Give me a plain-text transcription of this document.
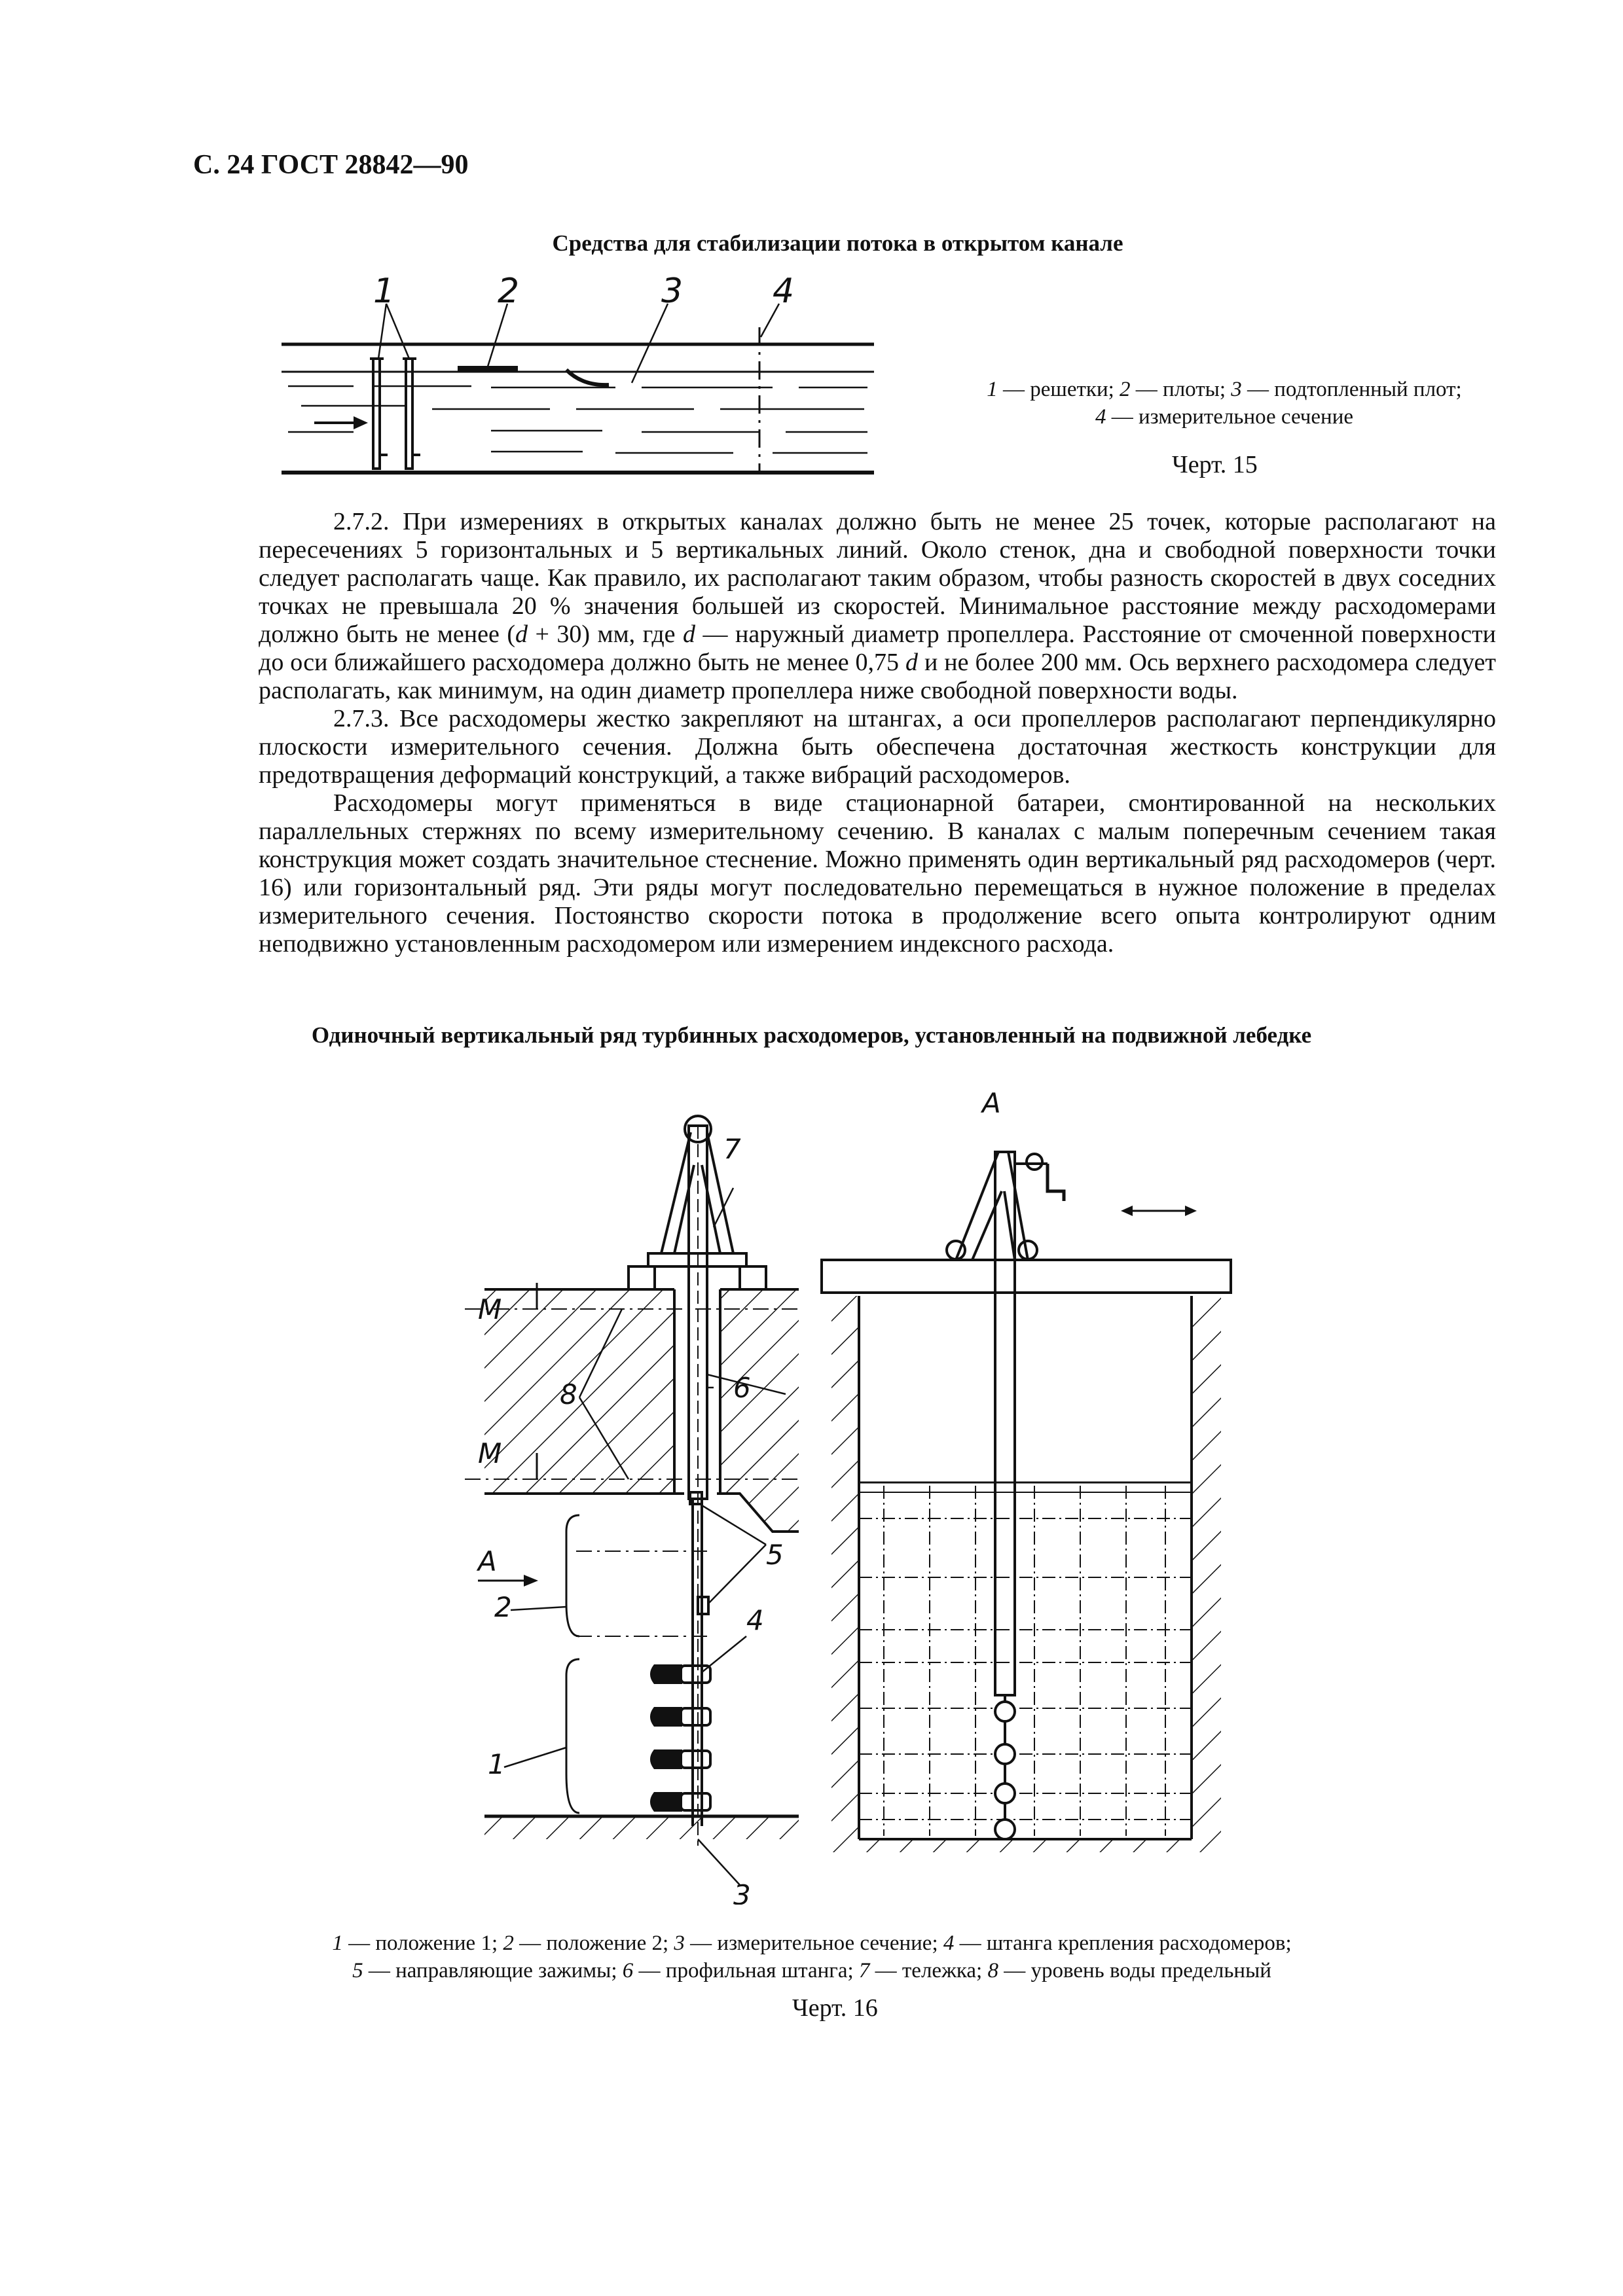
С. 24 ГОСТ 28842—90
Средства для стабилизации потока в открытом канале
1	2	3	4
1 — решетки; 2 — плоты; 3 — подтопленный плот;
4 — измерительное сечение
Черт. 15

2.7.2. При измерениях в открытых каналах должно быть не менее 25 точек, которые располагают на пересечениях 5 горизонтальных и 5 вертикальных линий. Около стенок, дна и свободной поверхности точки следует располагать чаще. Как правило, их располагают таким образом, чтобы разность скоростей в двух соседних точках не превышала 20 % значения большей из скоростей. Минимальное расстояние между расходомерами должно быть не менее (d + 30) мм, где d — наружный диаметр пропеллера. Расстояние от смоченной поверхности до оси ближайшего расходомера должно быть не менее 0,75 d и не более 200 мм. Ось верхнего расходомера следует располагать, как минимум, на один диаметр пропеллера ниже свободной поверхности воды.

2.7.3. Все расходомеры жестко закрепляют на штангах, а оси пропеллеров располагают перпендикулярно плоскости измерительного сечения. Должна быть обеспечена достаточная жесткость конструкции для предотвращения деформаций конструкций, а также вибраций расходомеров.

Расходомеры могут применяться в виде стационарной батареи, смонтированной на нескольких параллельных стержнях по всему измерительному сечению. В каналах с малым поперечным сечением такая конструкция может создать значительное стеснение. Можно применять один вертикальный ряд расходомеров (черт. 16) или горизонтальный ряд. Эти ряды могут последовательно перемещаться в нужное положение в пределах измерительного сечения. Постоянство скорости потока в продолжение всего опыта контролируют одним неподвижно установленным расходомером или измерением индексного расхода.

Одиночный вертикальный ряд турбинных расходомеров, установленный на подвижной лебедке
7
6
8
М
М
А	5
4
2
1
3
А
1 — положение 1; 2 — положение 2; 3 — измерительное сечение; 4 — штанга крепления расходомеров;
5 — направляющие зажимы; 6 — профильная штанга; 7 — тележка; 8 — уровень воды предельный
Черт. 16
